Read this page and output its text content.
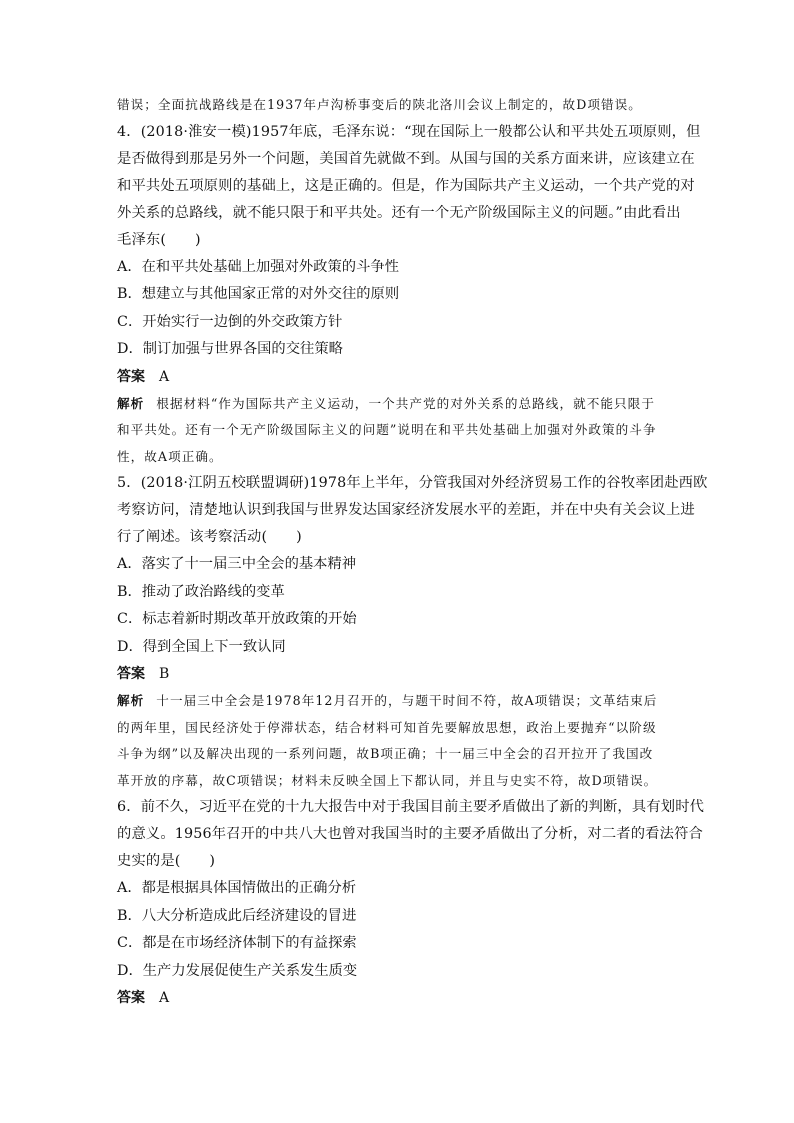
错误；全面抗战路线是在1937年卢沟桥事变后的陕北洛川会议上制定的，故D项错误。
4．(2018·淮安一模)1957年底，毛泽东说：“现在国际上一般都公认和平共处五项原则，但
是否做得到那是另外一个问题，美国首先就做不到。从国与国的关系方面来讲，应该建立在
和平共处五项原则的基础上，这是正确的。但是，作为国际共产主义运动，一个共产党的对
外关系的总路线，就不能只限于和平共处。还有一个无产阶级国际主义的问题。”由此看出
毛泽东(　　)
A．在和平共处基础上加强对外政策的斗争性
B．想建立与其他国家正常的对外交往的原则
C．开始实行一边倒的外交政策方针
D．制订加强与世界各国的交往策略
答案 A
解析 根据材料“作为国际共产主义运动，一个共产党的对外关系的总路线，就不能只限于
和平共处。还有一个无产阶级国际主义的问题”说明在和平共处基础上加强对外政策的斗争
性，故A项正确。
5．(2018·江阴五校联盟调研)1978年上半年，分管我国对外经济贸易工作的谷牧率团赴西欧
考察访问，清楚地认识到我国与世界发达国家经济发展水平的差距，并在中央有关会议上进
行了阐述。该考察活动(　　)
A．落实了十一届三中全会的基本精神
B．推动了政治路线的变革
C．标志着新时期改革开放政策的开始
D．得到全国上下一致认同
答案 B
解析 十一届三中全会是1978年12月召开的，与题干时间不符，故A项错误；文革结束后
的两年里，国民经济处于停滞状态，结合材料可知首先要解放思想，政治上要抛弃“以阶级
斗争为纲”以及解决出现的一系列问题，故B项正确；十一届三中全会的召开拉开了我国改
革开放的序幕，故C项错误；材料未反映全国上下都认同，并且与史实不符，故D项错误。
6．前不久，习近平在党的十九大报告中对于我国目前主要矛盾做出了新的判断，具有划时代
的意义。1956年召开的中共八大也曾对我国当时的主要矛盾做出了分析，对二者的看法符合
史实的是(　　)
A．都是根据具体国情做出的正确分析
B．八大分析造成此后经济建设的冒进
C．都是在市场经济体制下的有益探索
D．生产力发展促使生产关系发生质变
答案 A
